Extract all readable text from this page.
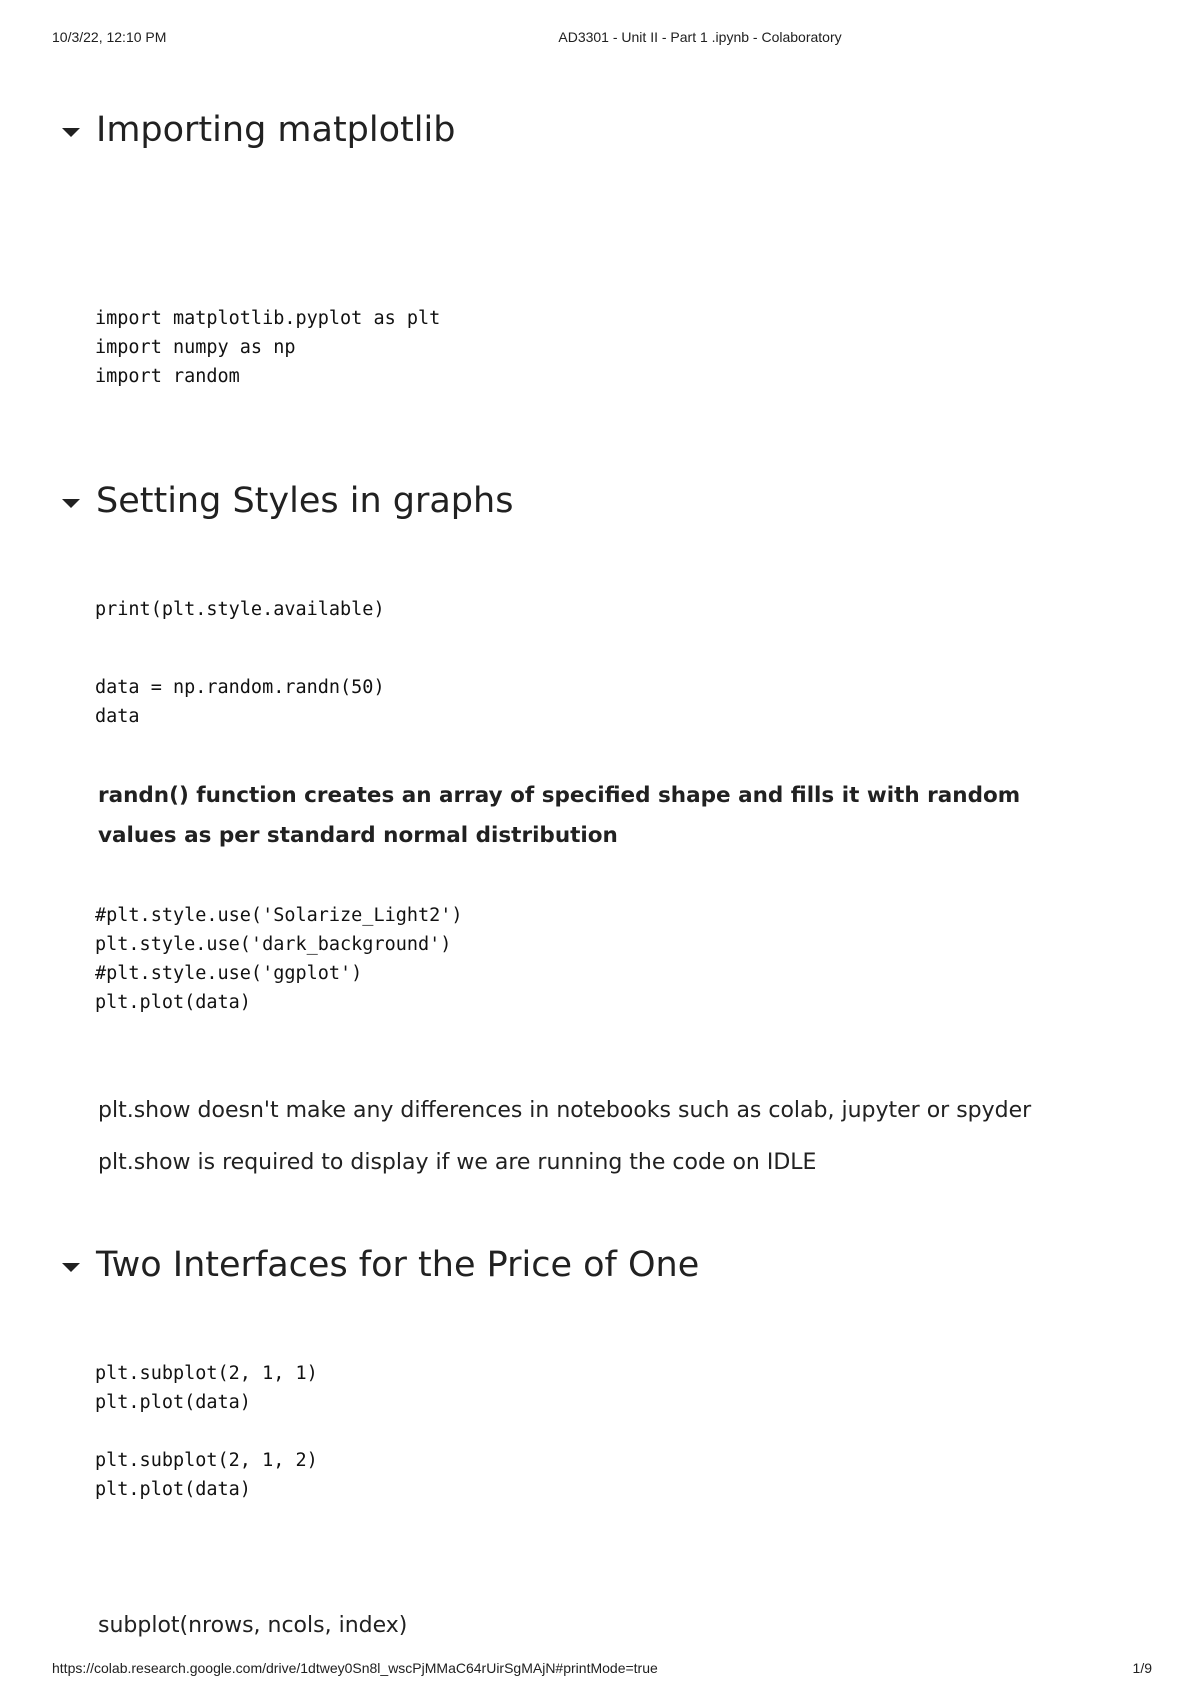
10/3/22, 12:10 PM	AD3301 - Unit II - Part 1 .ipynb - Colaboratory
Importing matplotlib
import matplotlib.pyplot as plt
import numpy as np
import random
Setting Styles in graphs
print(plt.style.available)
data = np.random.randn(50)
data
randn() function creates an array of specified shape and fills it with random values as per standard normal distribution
#plt.style.use('Solarize_Light2')
plt.style.use('dark_background')
#plt.style.use('ggplot')
plt.plot(data)
plt.show doesn't make any differences in notebooks such as colab, jupyter or spyder
plt.show is required to display if we are running the code on IDLE
Two Interfaces for the Price of One
plt.subplot(2, 1, 1)
plt.plot(data)
plt.subplot(2, 1, 2)
plt.plot(data)
subplot(nrows, ncols, index)
https://colab.research.google.com/drive/1dtwey0Sn8l_wscPjMMaC64rUirSgMAjN#printMode=true	1/9
